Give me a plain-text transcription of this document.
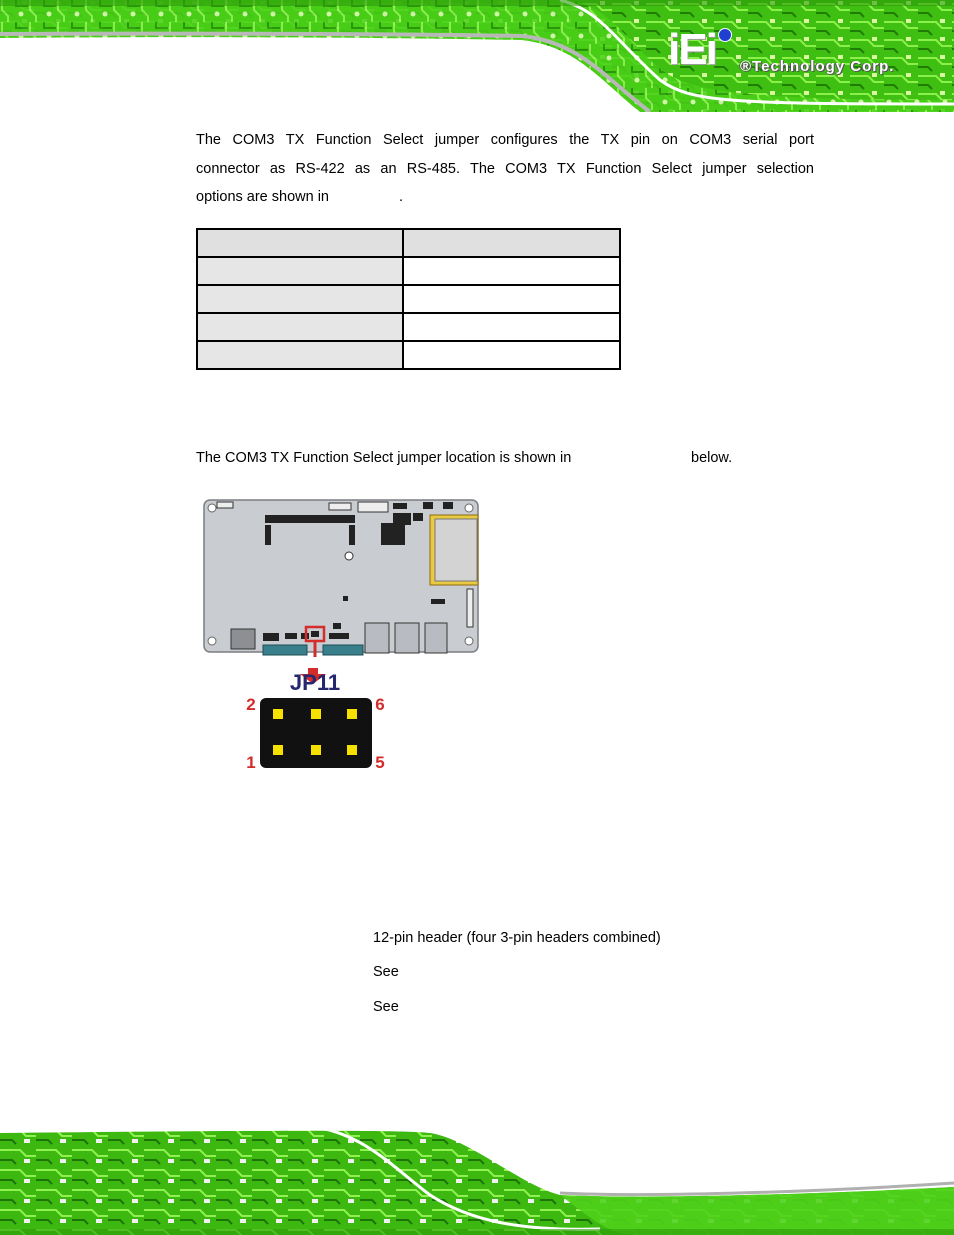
iEi ®Technology Corp.
The COM3 TX Function Select jumper configures the TX pin on COM3 serial port
connector as RS-422 as an RS-485. The COM3 TX Function Select jumper selection
options are shown in	.

The COM3 TX Function Select jumper location is shown in	below.
JP11
2	6
1	5
12-pin header (four 3-pin headers combined)
See
See
